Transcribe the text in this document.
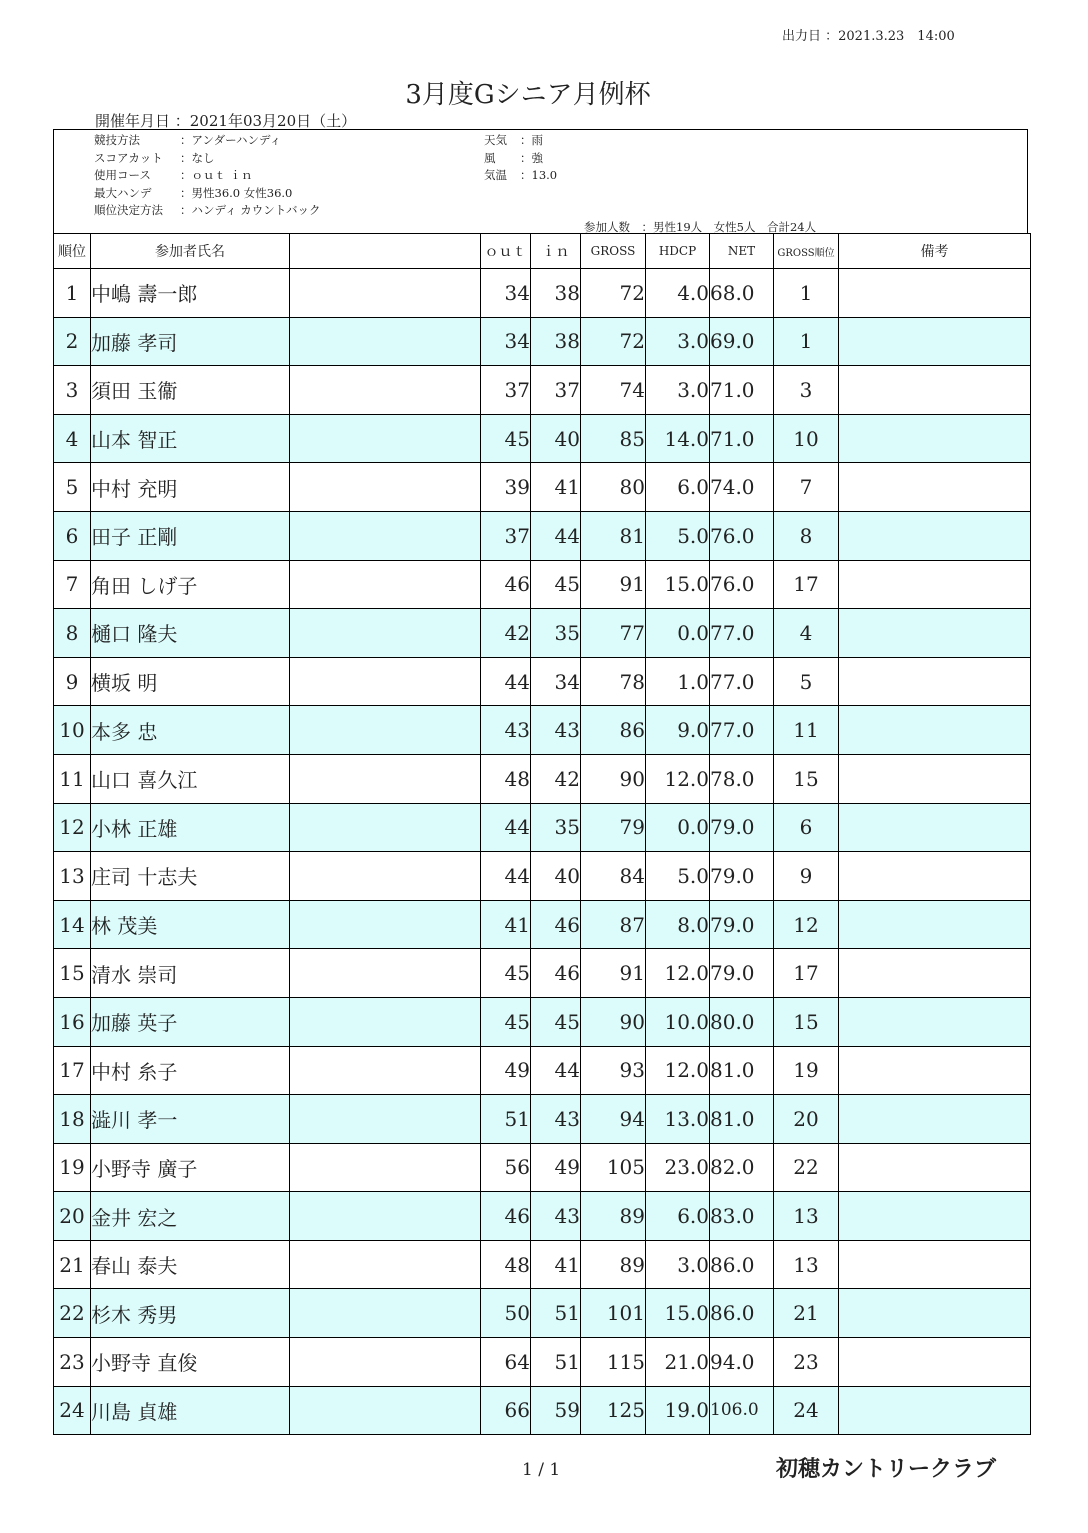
出力日 ：2021.3.23　14:00
3月度Gシニア月例杯
開催年月日 ：2021年03月20日（土）
競技方法	：アンダーハンディ
スコアカット ：なし
使用コース	：ｏｕｔ ｉｎ
最大ハンデ ：男性36.0 女性36.0
順位決定方法 ：ハンディ カウントバック
天気 ：雨
風 ：強
気温 ：13.0
参加人数　：男性19人　女性5人　合計24人
順位	参加者氏名		ｏｕｔ	ｉｎ	GROSS	HDCP	NET	GROSS順位	備考
1	中嶋 壽一郎		34	38	72	4.0	68.0	1	
2	加藤 孝司		34	38	72	3.0	69.0	1	
3	須田 玉衞		37	37	74	3.0	71.0	3	
4	山本 智正		45	40	85	14.0	71.0	10	
5	中村 充明		39	41	80	6.0	74.0	7	
6	田子 正剛		37	44	81	5.0	76.0	8	
7	角田 しげ子		46	45	91	15.0	76.0	17	
8	樋口 隆夫		42	35	77	0.0	77.0	4	
9	横坂 明		44	34	78	1.0	77.0	5	
10	本多 忠		43	43	86	9.0	77.0	11	
11	山口 喜久江		48	42	90	12.0	78.0	15	
12	小林 正雄		44	35	79	0.0	79.0	6	
13	庄司 十志夫		44	40	84	5.0	79.0	9	
14	林 茂美		41	46	87	8.0	79.0	12	
15	清水 崇司		45	46	91	12.0	79.0	17	
16	加藤 英子		45	45	90	10.0	80.0	15	
17	中村 糸子		49	44	93	12.0	81.0	19	
18	澁川 孝一		51	43	94	13.0	81.0	20	
19	小野寺 廣子		56	49	105	23.0	82.0	22	
20	金井 宏之		46	43	89	6.0	83.0	13	
21	春山 泰夫		48	41	89	3.0	86.0	13	
22	杉木 秀男		50	51	101	15.0	86.0	21	
23	小野寺 直俊		64	51	115	21.0	94.0	23	
24	川島 貞雄		66	59	125	19.0	106.0	24	
1 / 1	初穂カントリークラブ
